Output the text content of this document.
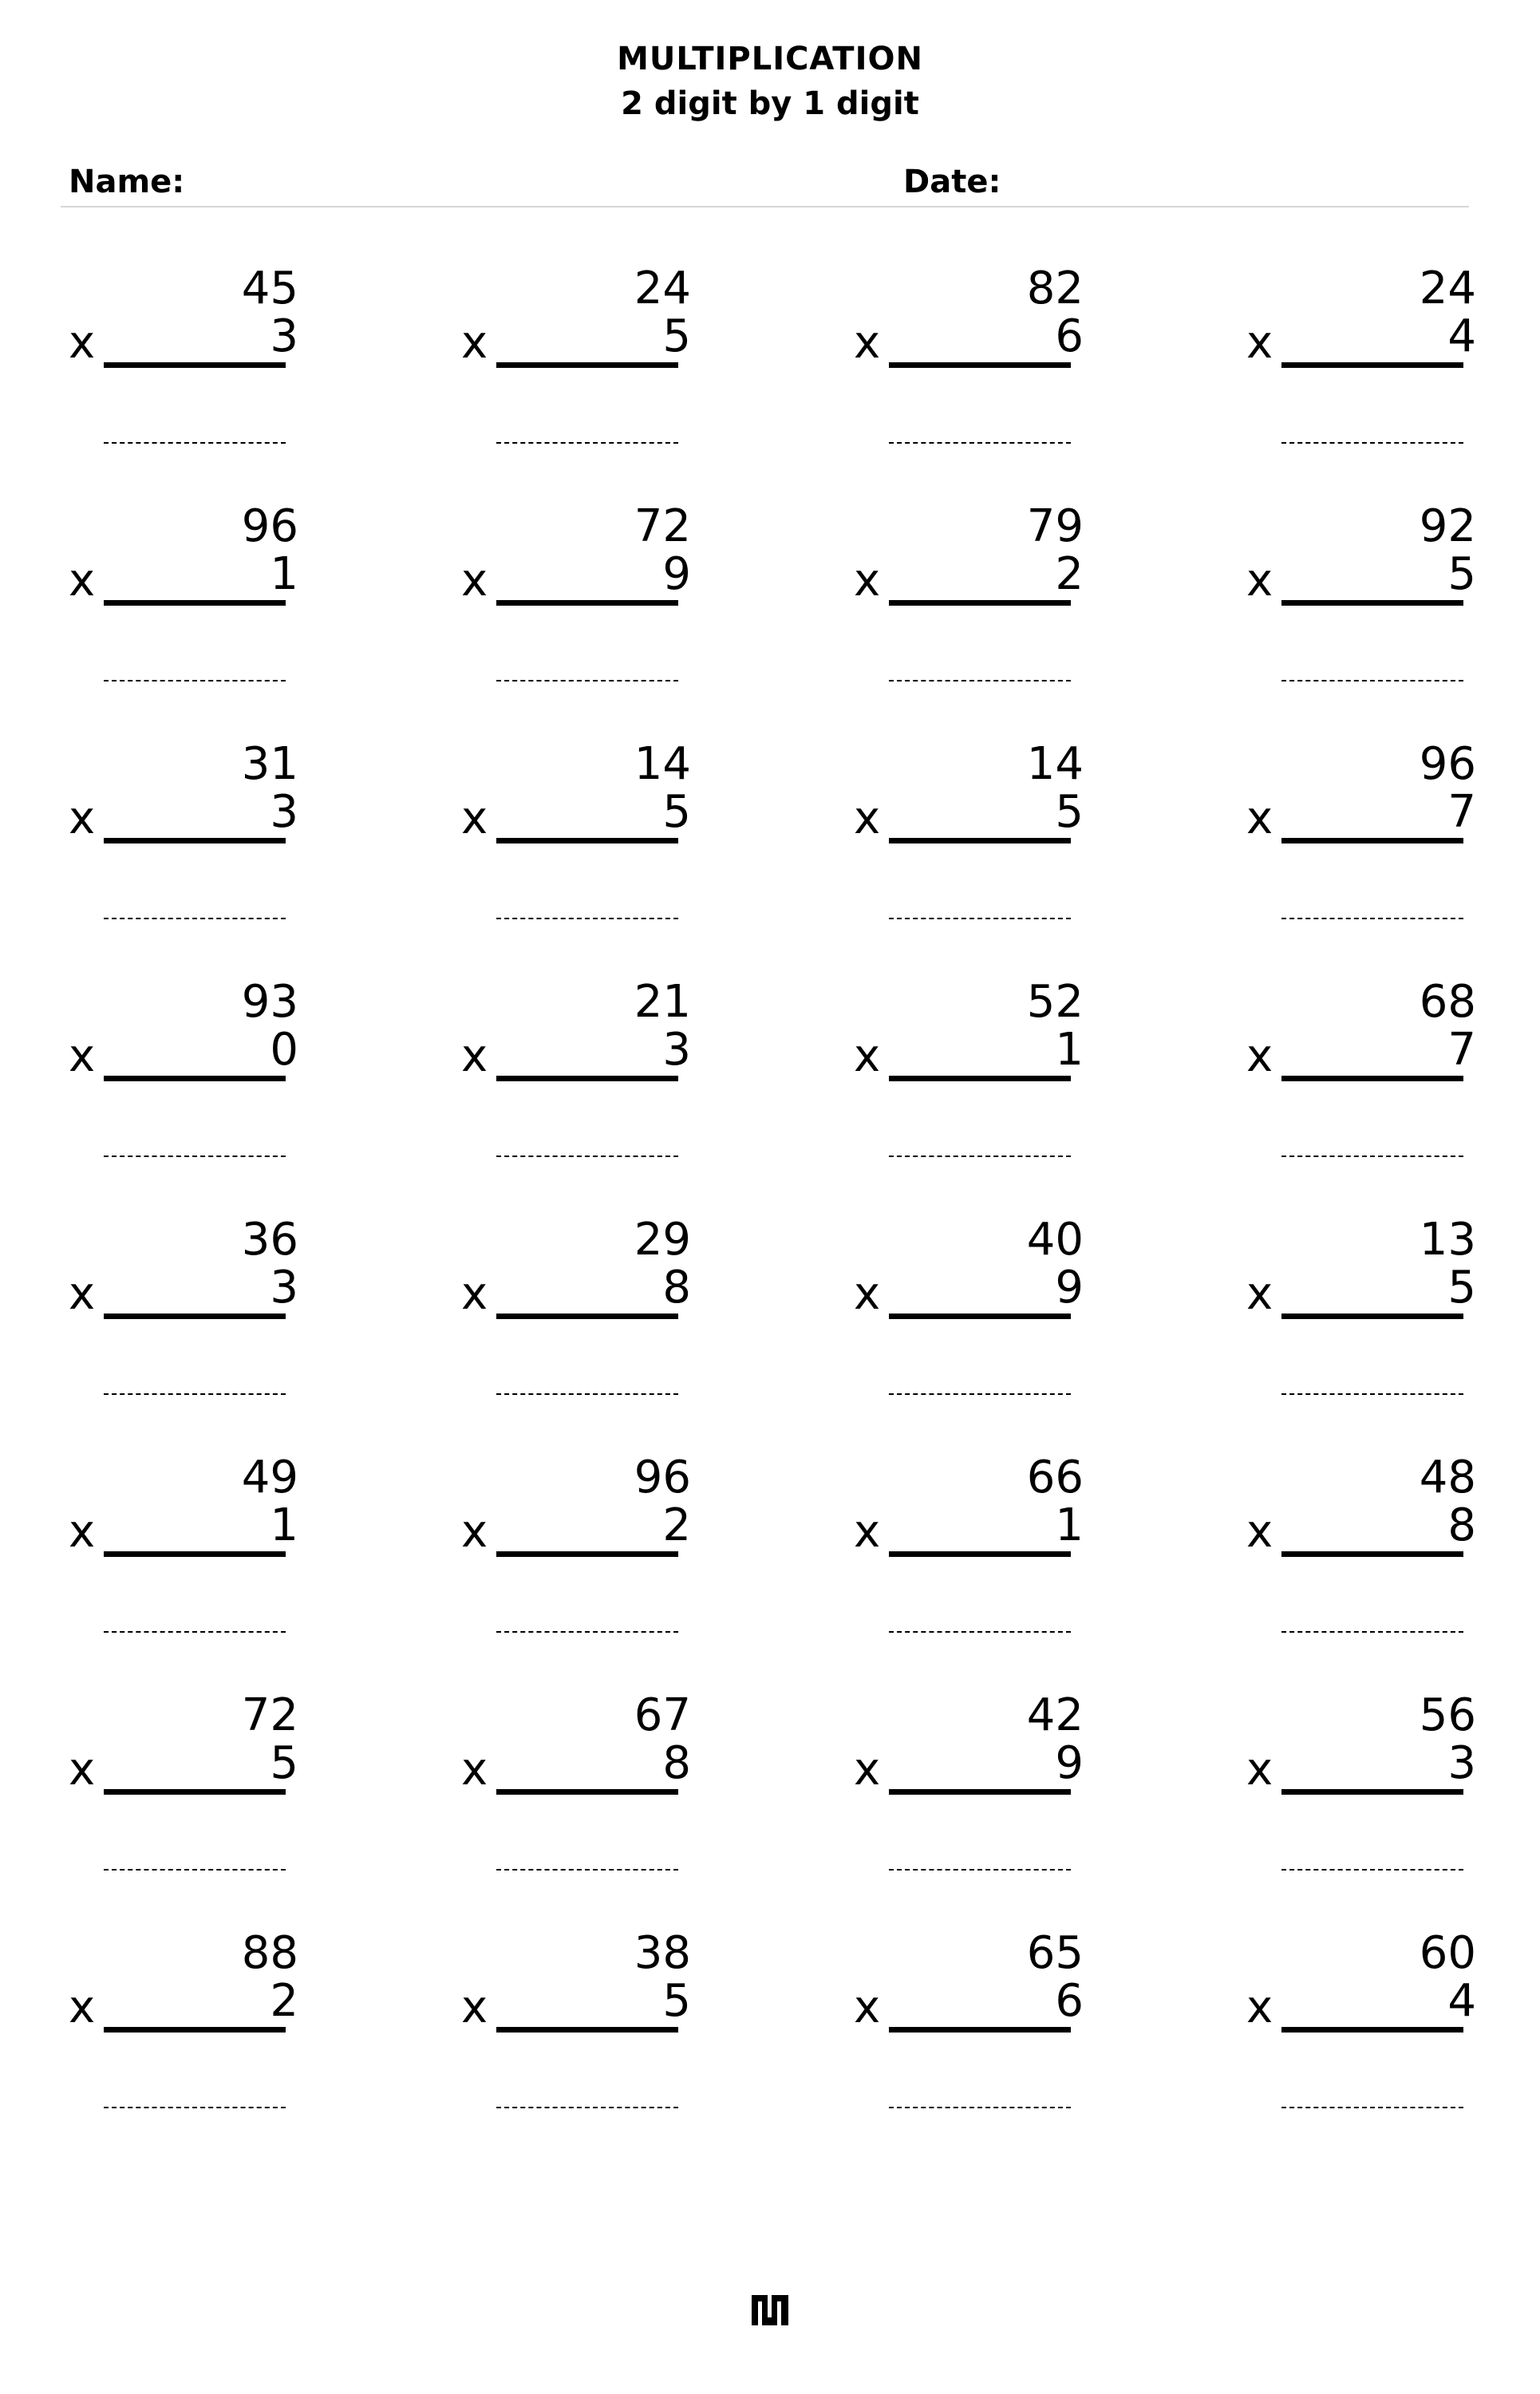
MULTIPLICATION
2 digit by 1 digit
Name:	Date:
45
3
x
24
5
x
82
6
x
24
4
x
96
1
x
72
9
x
79
2
x
92
5
x
31
3
x
14
5
x
14
5
x
96
7
x
93
0
x
21
3
x
52
1
x
68
7
x
36
3
x
29
8
x
40
9
x
13
5
x
49
1
x
96
2
x
66
1
x
48
8
x
72
5
x
67
8
x
42
9
x
56
3
x
88
2
x
38
5
x
65
6
x
60
4
x
